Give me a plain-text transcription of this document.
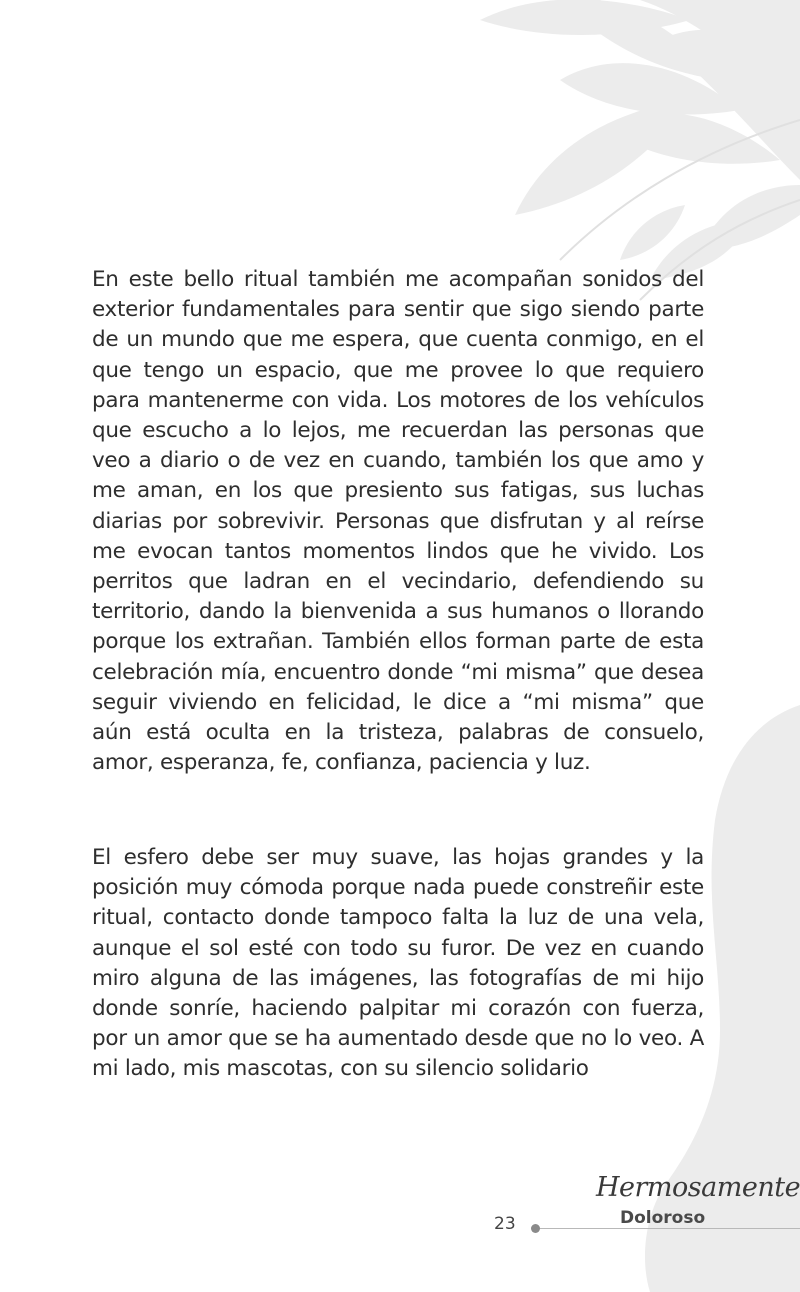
En este bello ritual también me acompañan sonidos del exterior fundamentales para sentir que sigo siendo parte de un mundo que me espera, que cuenta conmigo, en el que tengo un espacio, que me provee lo que requiero para mantenerme con vida. Los motores de los vehículos que escucho a lo lejos, me recuerdan las personas que veo a diario o de vez en cuando, también los que amo y me aman, en los que presiento sus fatigas, sus luchas diarias por sobrevivir. Personas que disfrutan y al reírse me evocan tantos momentos lindos que he vivido. Los perritos que ladran en el vecindario, defendiendo su territorio, dando la bienvenida a sus humanos o llorando porque los extrañan. También ellos forman parte de esta celebración mía, encuentro donde “mi misma” que desea seguir viviendo en felicidad, le dice a “mi misma” que aún está oculta en la tristeza, palabras de consuelo, amor, esperanza, fe, confianza, paciencia y luz.

El esfero debe ser muy suave, las hojas grandes y la posición muy cómoda porque nada puede constreñir este ritual, contacto donde tampoco falta la luz de una vela, aunque el sol esté con todo su furor. De vez en cuando miro alguna de las imágenes, las fotografías de mi hijo donde sonríe, haciendo palpitar mi corazón con fuerza, por un amor que se ha aumentado desde que no lo veo. A mi lado, mis mascotas, con su silencio solidario

23
Hermosamente
Doloroso
